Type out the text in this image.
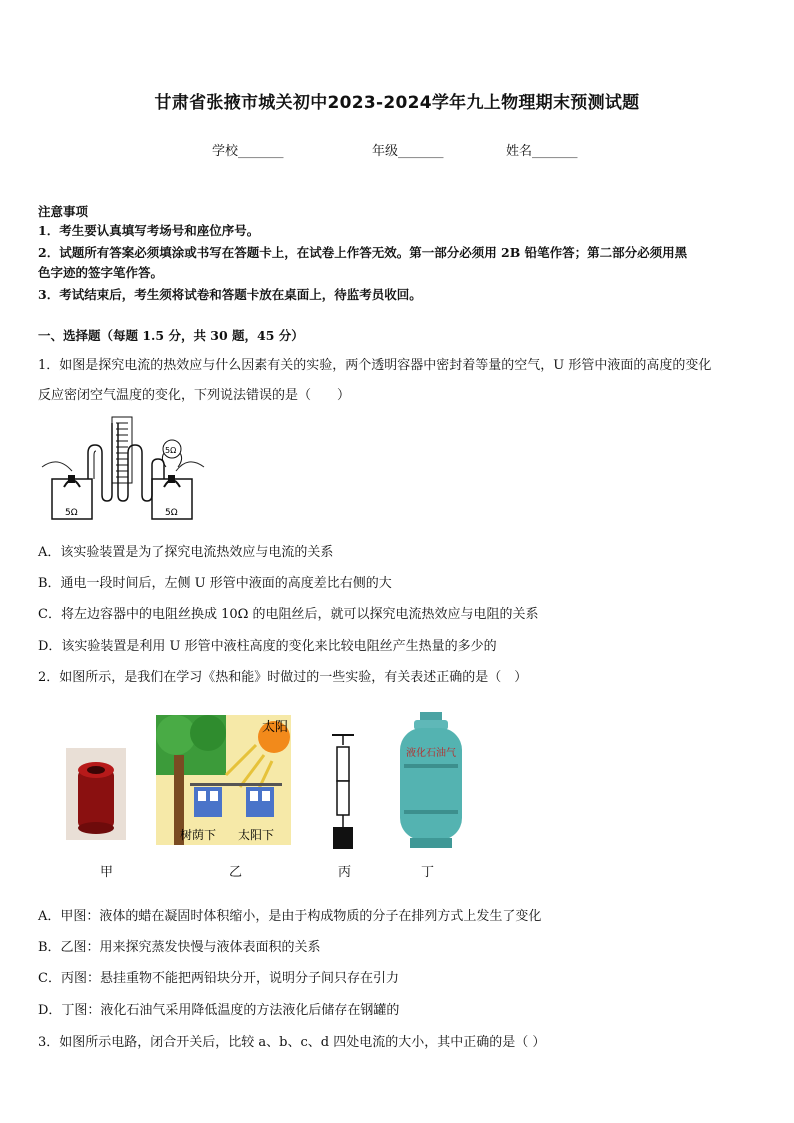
甘肃省张掖市城关初中2023-2024学年九上物理期末预测试题
学校_______	年级_______	姓名_______
注意事项
1．考生要认真填写考场号和座位序号。
2．试题所有答案必须填涂或书写在答题卡上，在试卷上作答无效。第一部分必须用 2B 铅笔作答；第二部分必须用黑
色字迹的签字笔作答。
3．考试结束后，考生须将试卷和答题卡放在桌面上，待监考员收回。
一、选择题（每题 1.5 分，共 30 题，45 分）
1．如图是探究电流的热效应与什么因素有关的实验，两个透明容器中密封着等量的空气，U 形管中液面的高度的变化
反应密闭空气温度的变化，下列说法错误的是（　　）
5Ω
5Ω	5Ω
A．该实验装置是为了探究电流热效应与电流的关系
B．通电一段时间后，左侧 U 形管中液面的高度差比右侧的大
C．将左边容器中的电阻丝换成 10Ω 的电阻丝后，就可以探究电流热效应与电阻的关系
D．该实验装置是利用 U 形管中液柱高度的变化来比较电阻丝产生热量的多少的
2．如图所示，是我们在学习《热和能》时做过的一些实验，有关表述正确的是（　）
太阳
树荫下 太阳下
液化石油气
甲	乙	丙	丁
A．甲图：液体的蜡在凝固时体积缩小，是由于构成物质的分子在排列方式上发生了变化
B．乙图：用来探究蒸发快慢与液体表面积的关系
C．丙图：悬挂重物不能把两铅块分开，说明分子间只存在引力
D．丁图：液化石油气采用降低温度的方法液化后储存在钢罐的
3．如图所示电路，闭合开关后，比较 a、b、c、d 四处电流的大小，其中正确的是（ ）
